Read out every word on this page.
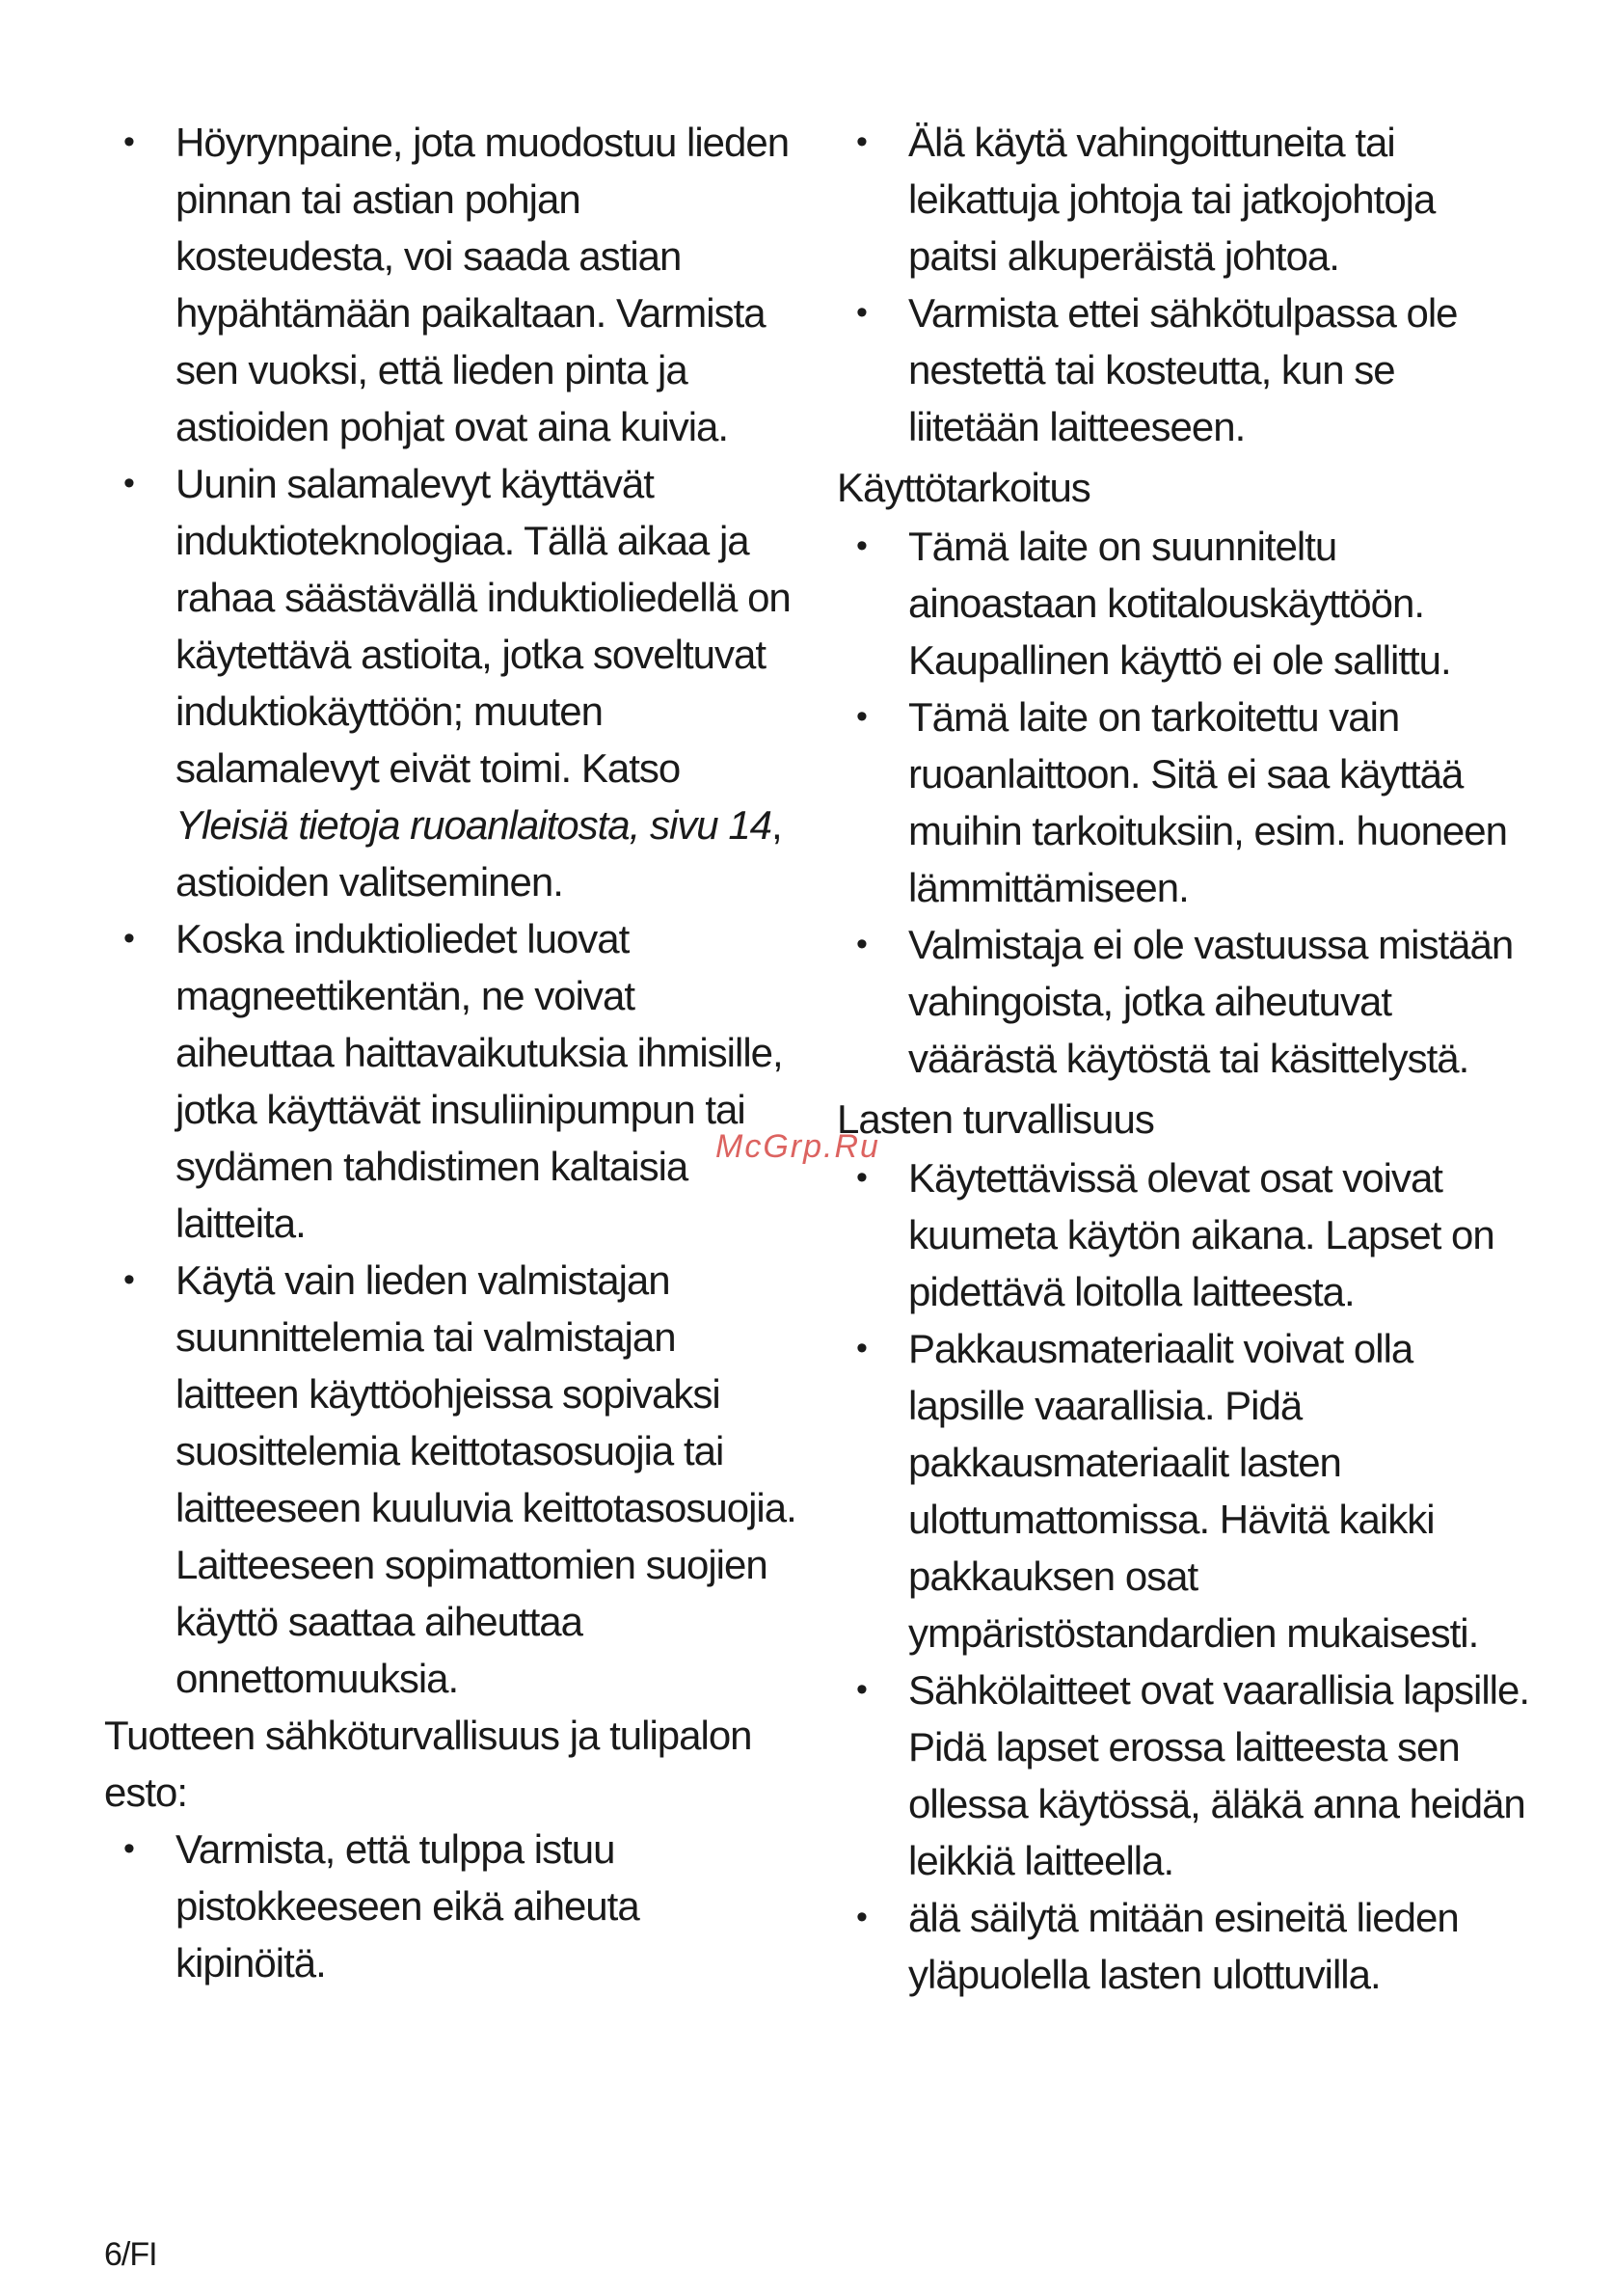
• Höyrynpaine, jota muodostuu lieden pinnan tai astian pohjan kosteudesta, voi saada astian hypähtämään paikaltaan. Varmista sen vuoksi, että lieden pinta ja astioiden pohjat ovat aina kuivia.
• Uunin salamalevyt käyttävät induktioteknologiaa. Tällä aikaa ja rahaa säästävällä induktioliedellä on käytettävä astioita, jotka soveltuvat induktiokäyttöön; muuten salamalevyt eivät toimi. Katso Yleisiä tietoja ruoanlaitosta, sivu 14, astioiden valitseminen.
• Koska induktioliedet luovat magneettikentän, ne voivat aiheuttaa haittavaikutuksia ihmisille, jotka käyttävät insuliinipumpun tai sydämen tahdistimen kaltaisia laitteita.
• Käytä vain lieden valmistajan suunnittelemia tai valmistajan laitteen käyttöohjeissa sopivaksi suosittelemia keittotasosuojia tai laitteeseen kuuluvia keittotasosuojia. Laitteeseen sopimattomien suojien käyttö saattaa aiheuttaa onnettomuuksia.
Tuotteen sähköturvallisuus ja tulipalon esto:
• Varmista, että tulppa istuu pistokkeeseen eikä aiheuta kipinöitä.
• Älä käytä vahingoittuneita tai leikattuja johtoja tai jatkojohtoja paitsi alkuperäistä johtoa.
• Varmista ettei sähkötulpassa ole nestettä tai kosteutta, kun se liitetään laitteeseen.
Käyttötarkoitus
• Tämä laite on suunniteltu ainoastaan kotitalouskäyttöön. Kaupallinen käyttö ei ole sallittu.
• Tämä laite on tarkoitettu vain ruoanlaittoon. Sitä ei saa käyttää muihin tarkoituksiin, esim. huoneen lämmittämiseen.
• Valmistaja ei ole vastuussa mistään vahingoista, jotka aiheutuvat väärästä käytöstä tai käsittelystä.
Lasten turvallisuus
• Käytettävissä olevat osat voivat kuumeta käytön aikana. Lapset on pidettävä loitolla laitteesta.
• Pakkausmateriaalit voivat olla lapsille vaarallisia. Pidä pakkausmateriaalit lasten ulottumattomissa. Hävitä kaikki pakkauksen osat ympäristöstandardien mukaisesti.
• Sähkölaitteet ovat vaarallisia lapsille. Pidä lapset erossa laitteesta sen ollessa käytössä, äläkä anna heidän leikkiä laitteella.
• älä säilytä mitään esineitä lieden yläpuolella lasten ulottuvilla.
McGrp.Ru
6/FI
